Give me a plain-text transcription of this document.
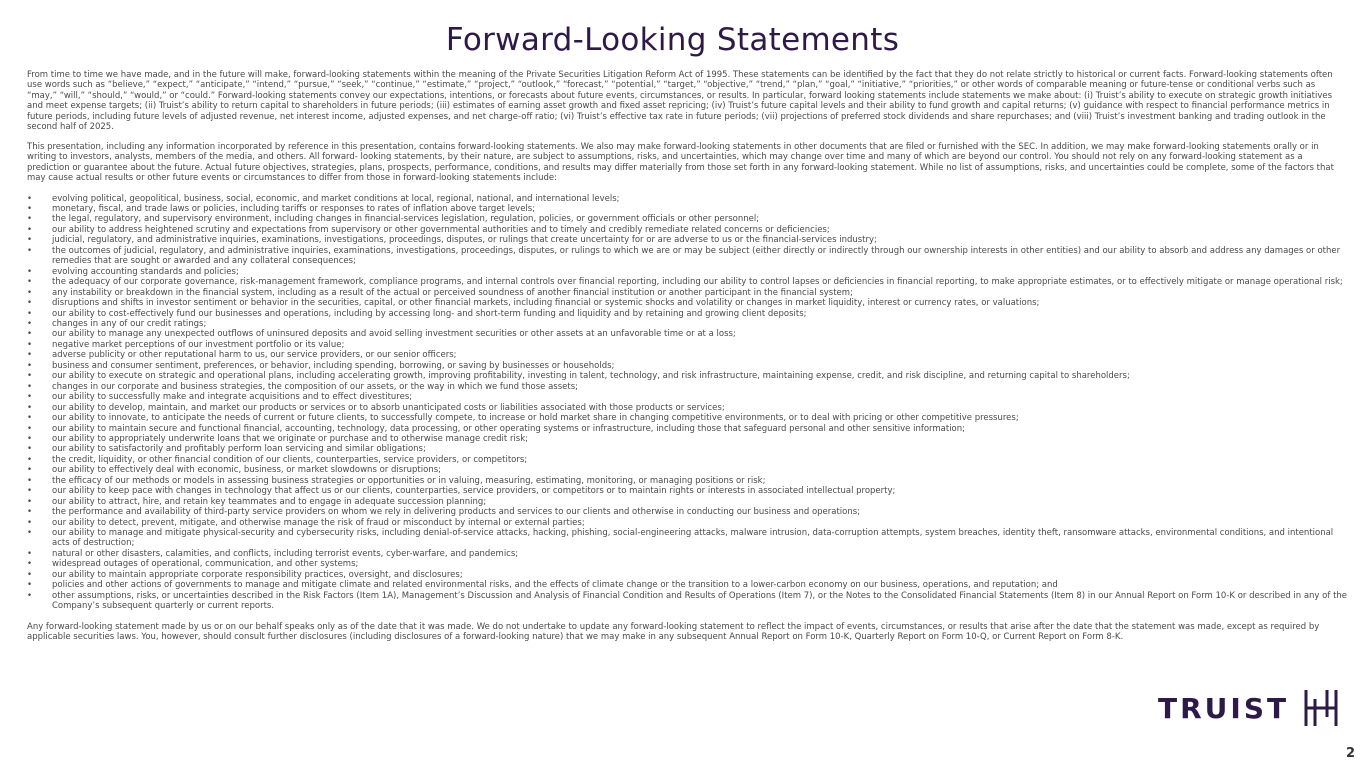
Forward-Looking Statements

From time to time we have made, and in the future will make, forward-looking statements within the meaning of the Private Securities Litigation Reform Act of 1995. These statements can be identified by the fact that they do not relate strictly to historical or current facts. Forward-looking statements often use words such as “believe,” “expect,” “anticipate,” “intend,” “pursue,” “seek,” “continue,” “estimate,” “project,” “outlook,” “forecast,” “potential,” “target,” “objective,” “trend,” “plan,” “goal,” “initiative,” “priorities,” or other words of comparable meaning or future-tense or conditional verbs such as “may,” “will,” “should,” “would,” or “could.” Forward-looking statements convey our expectations, intentions, or forecasts about future events, circumstances, or results. In particular, forward looking statements include statements we make about: (i) Truist’s ability to execute on strategic growth initiatives and meet expense targets; (ii) Truist’s ability to return capital to shareholders in future periods; (iii) estimates of earning asset growth and fixed asset repricing; (iv) Truist’s future capital levels and their ability to fund growth and capital returns; (v) guidance with respect to financial performance metrics in future periods, including future levels of adjusted revenue, net interest income, adjusted expenses, and net charge-off ratio; (vi) Truist’s effective tax rate in future periods; (vii) projections of preferred stock dividends and share repurchases; and (viii) Truist’s investment banking and trading outlook in the second half of 2025.

This presentation, including any information incorporated by reference in this presentation, contains forward-looking statements. We also may make forward-looking statements in other documents that are filed or furnished with the SEC. In addition, we may make forward-looking statements orally or in writing to investors, analysts, members of the media, and others. All forward- looking statements, by their nature, are subject to assumptions, risks, and uncertainties, which may change over time and many of which are beyond our control. You should not rely on any forward-looking statement as a prediction or guarantee about the future. Actual future objectives, strategies, plans, prospects, performance, conditions, and results may differ materially from those set forth in any forward-looking statement. While no list of assumptions, risks, and uncertainties could be complete, some of the factors that may cause actual results or other future events or circumstances to differ from those in forward-looking statements include:

• evolving political, geopolitical, business, social, economic, and market conditions at local, regional, national, and international levels;
• monetary, fiscal, and trade laws or policies, including tariffs or responses to rates of inflation above target levels;
• the legal, regulatory, and supervisory environment, including changes in financial-services legislation, regulation, policies, or government officials or other personnel;
• our ability to address heightened scrutiny and expectations from supervisory or other governmental authorities and to timely and credibly remediate related concerns or deficiencies;
• judicial, regulatory, and administrative inquiries, examinations, investigations, proceedings, disputes, or rulings that create uncertainty for or are adverse to us or the financial-services industry;
• the outcomes of judicial, regulatory, and administrative inquiries, examinations, investigations, proceedings, disputes, or rulings to which we are or may be subject (either directly or indirectly through our ownership interests in other entities) and our ability to absorb and address any damages or other remedies that are sought or awarded and any collateral consequences;
• evolving accounting standards and policies;
• the adequacy of our corporate governance, risk-management framework, compliance programs, and internal controls over financial reporting, including our ability to control lapses or deficiencies in financial reporting, to make appropriate estimates, or to effectively mitigate or manage operational risk;
• any instability or breakdown in the financial system, including as a result of the actual or perceived soundness of another financial institution or another participant in the financial system;
• disruptions and shifts in investor sentiment or behavior in the securities, capital, or other financial markets, including financial or systemic shocks and volatility or changes in market liquidity, interest or currency rates, or valuations;
• our ability to cost-effectively fund our businesses and operations, including by accessing long- and short-term funding and liquidity and by retaining and growing client deposits;
• changes in any of our credit ratings;
• our ability to manage any unexpected outflows of uninsured deposits and avoid selling investment securities or other assets at an unfavorable time or at a loss;
• negative market perceptions of our investment portfolio or its value;
• adverse publicity or other reputational harm to us, our service providers, or our senior officers;
• business and consumer sentiment, preferences, or behavior, including spending, borrowing, or saving by businesses or households;
• our ability to execute on strategic and operational plans, including accelerating growth, improving profitability, investing in talent, technology, and risk infrastructure, maintaining expense, credit, and risk discipline, and returning capital to shareholders;
• changes in our corporate and business strategies, the composition of our assets, or the way in which we fund those assets;
• our ability to successfully make and integrate acquisitions and to effect divestitures;
• our ability to develop, maintain, and market our products or services or to absorb unanticipated costs or liabilities associated with those products or services;
• our ability to innovate, to anticipate the needs of current or future clients, to successfully compete, to increase or hold market share in changing competitive environments, or to deal with pricing or other competitive pressures;
• our ability to maintain secure and functional financial, accounting, technology, data processing, or other operating systems or infrastructure, including those that safeguard personal and other sensitive information;
• our ability to appropriately underwrite loans that we originate or purchase and to otherwise manage credit risk;
• our ability to satisfactorily and profitably perform loan servicing and similar obligations;
• the credit, liquidity, or other financial condition of our clients, counterparties, service providers, or competitors;
• our ability to effectively deal with economic, business, or market slowdowns or disruptions;
• the efficacy of our methods or models in assessing business strategies or opportunities or in valuing, measuring, estimating, monitoring, or managing positions or risk;
• our ability to keep pace with changes in technology that affect us or our clients, counterparties, service providers, or competitors or to maintain rights or interests in associated intellectual property;
• our ability to attract, hire, and retain key teammates and to engage in adequate succession planning;
• the performance and availability of third-party service providers on whom we rely in delivering products and services to our clients and otherwise in conducting our business and operations;
• our ability to detect, prevent, mitigate, and otherwise manage the risk of fraud or misconduct by internal or external parties;
• our ability to manage and mitigate physical-security and cybersecurity risks, including denial-of-service attacks, hacking, phishing, social-engineering attacks, malware intrusion, data-corruption attempts, system breaches, identity theft, ransomware attacks, environmental conditions, and intentional acts of destruction;
• natural or other disasters, calamities, and conflicts, including terrorist events, cyber-warfare, and pandemics;
• widespread outages of operational, communication, and other systems;
• our ability to maintain appropriate corporate responsibility practices, oversight, and disclosures;
• policies and other actions of governments to manage and mitigate climate and related environmental risks, and the effects of climate change or the transition to a lower-carbon economy on our business, operations, and reputation; and
• other assumptions, risks, or uncertainties described in the Risk Factors (Item 1A), Management’s Discussion and Analysis of Financial Condition and Results of Operations (Item 7), or the Notes to the Consolidated Financial Statements (Item 8) in our Annual Report on Form 10-K or described in any of the Company’s subsequent quarterly or current reports.

Any forward-looking statement made by us or on our behalf speaks only as of the date that it was made. We do not undertake to update any forward-looking statement to reflect the impact of events, circumstances, or results that arise after the date that the statement was made, except as required by applicable securities laws. You, however, should consult further disclosures (including disclosures of a forward-looking nature) that we may make in any subsequent Annual Report on Form 10-K, Quarterly Report on Form 10-Q, or Current Report on Form 8-K.

TRUIST
2
